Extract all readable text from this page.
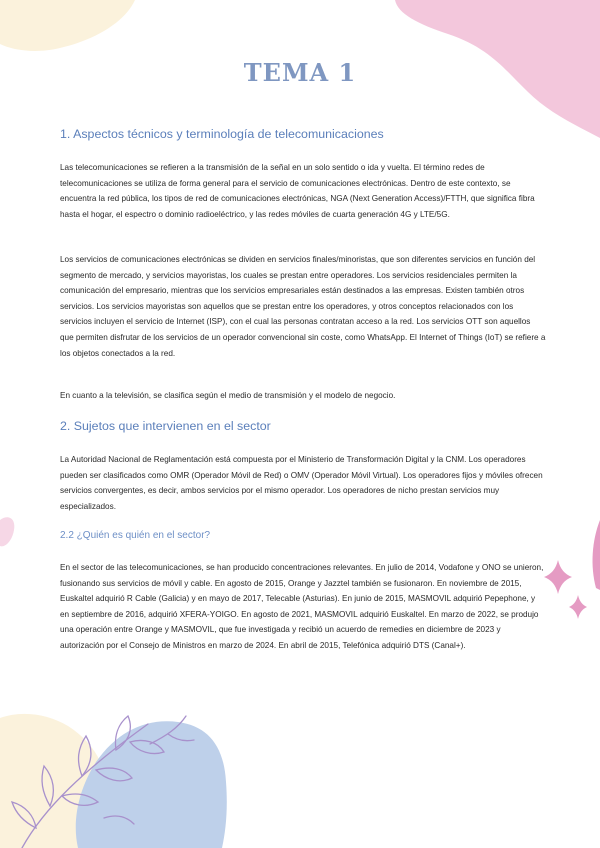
TEMA 1
1. Aspectos técnicos y terminología de telecomunicaciones

Las telecomunicaciones se refieren a la transmisión de la señal en un solo sentido o ida y vuelta. El término redes de telecomunicaciones se utiliza de forma general para el servicio de comunicaciones electrónicas. Dentro de este contexto, se encuentra la red pública, los tipos de red de comunicaciones electrónicas, NGA (Next Generation Access)/FTTH, que significa fibra hasta el hogar, el espectro o dominio radioeléctrico, y las redes móviles de cuarta generación 4G y LTE/5G.

Los servicios de comunicaciones electrónicas se dividen en servicios finales/minoristas, que son diferentes servicios en función del segmento de mercado, y servicios mayoristas, los cuales se prestan entre operadores. Los servicios residenciales permiten la comunicación del empresario, mientras que los servicios empresariales están destinados a las empresas. Existen también otros servicios. Los servicios mayoristas son aquellos que se prestan entre los operadores, y otros conceptos relacionados con los servicios incluyen el servicio de Internet (ISP), con el cual las personas contratan acceso a la red. Los servicios OTT son aquellos que permiten disfrutar de los servicios de un operador convencional sin coste, como WhatsApp. El Internet of Things (IoT) se refiere a los objetos conectados a la red.

En cuanto a la televisión, se clasifica según el medio de transmisión y el modelo de negocio.

2. Sujetos que intervienen en el sector

La Autoridad Nacional de Reglamentación está compuesta por el Ministerio de Transformación Digital y la CNM. Los operadores pueden ser clasificados como OMR (Operador Móvil de Red) o OMV (Operador Móvil Virtual). Los operadores fijos y móviles ofrecen servicios convergentes, es decir, ambos servicios por el mismo operador. Los operadores de nicho prestan servicios muy especializados.

2.2 ¿Quién es quién en el sector?

En el sector de las telecomunicaciones, se han producido concentraciones relevantes. En julio de 2014, Vodafone y ONO se unieron, fusionando sus servicios de móvil y cable. En agosto de 2015, Orange y Jazztel también se fusionaron. En noviembre de 2015, Euskaltel adquirió R Cable (Galicia) y en mayo de 2017, Telecable (Asturias). En junio de 2015, MASMOVIL adquirió Pepephone, y en septiembre de 2016, adquirió XFERA-YOIGO. En agosto de 2021, MASMOVIL adquirió Euskaltel. En marzo de 2022, se produjo una operación entre Orange y MASMOVIL, que fue investigada y recibió un acuerdo de remedies en diciembre de 2023 y autorización por el Consejo de Ministros en marzo de 2024. En abril de 2015, Telefónica adquirió DTS (Canal+).
